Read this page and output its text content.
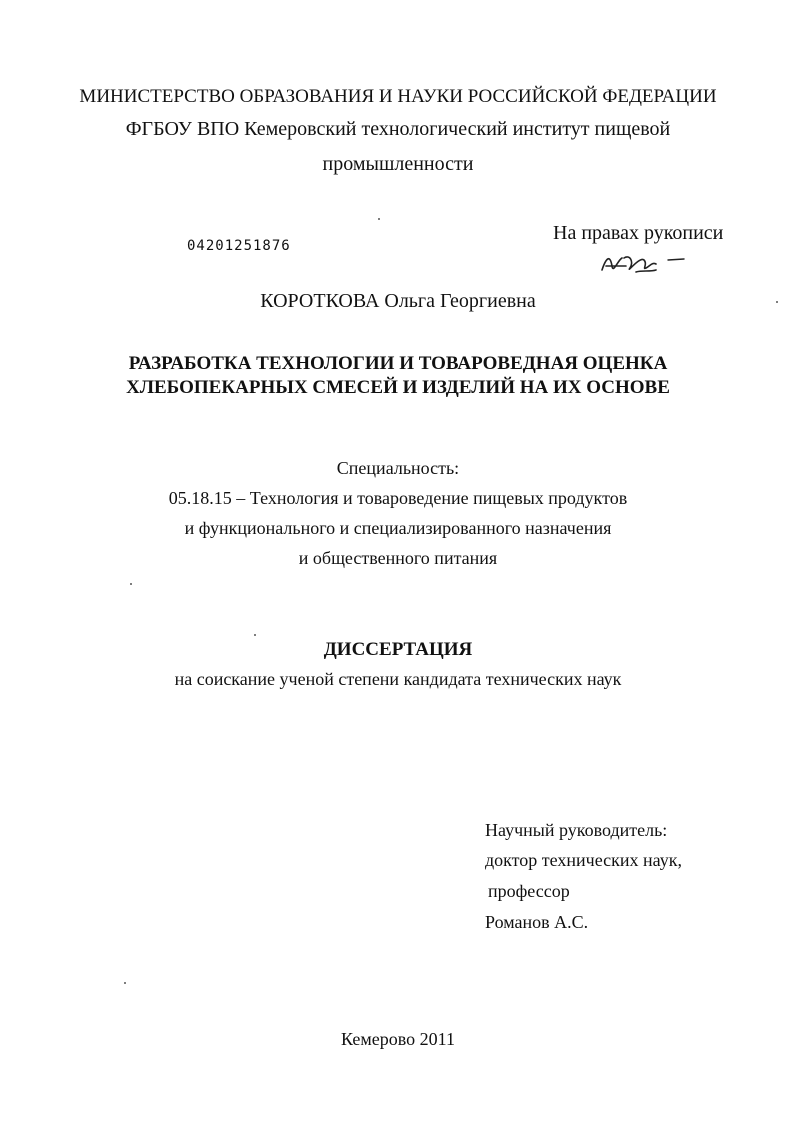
МИНИСТЕРСТВО ОБРАЗОВАНИЯ И НАУКИ РОССИЙСКОЙ ФЕДЕРАЦИИ
ФГБОУ ВПО Кемеровский технологический институт пищевой
промышленности
04201251876
На правах рукописи
КОРОТКОВА Ольга Георгиевна
РАЗРАБОТКА ТЕХНОЛОГИИ И ТОВАРОВЕДНАЯ ОЦЕНКА
ХЛЕБОПЕКАРНЫХ СМЕСЕЙ И ИЗДЕЛИЙ НА ИХ ОСНОВЕ
Специальность:
05.18.15 – Технология и товароведение пищевых продуктов
и функционального и специализированного назначения
и общественного питания
ДИССЕРТАЦИЯ
на соискание ученой степени кандидата технических наук
Научный руководитель:
доктор технических наук,
профессор
Романов А.С.
Кемерово 2011
